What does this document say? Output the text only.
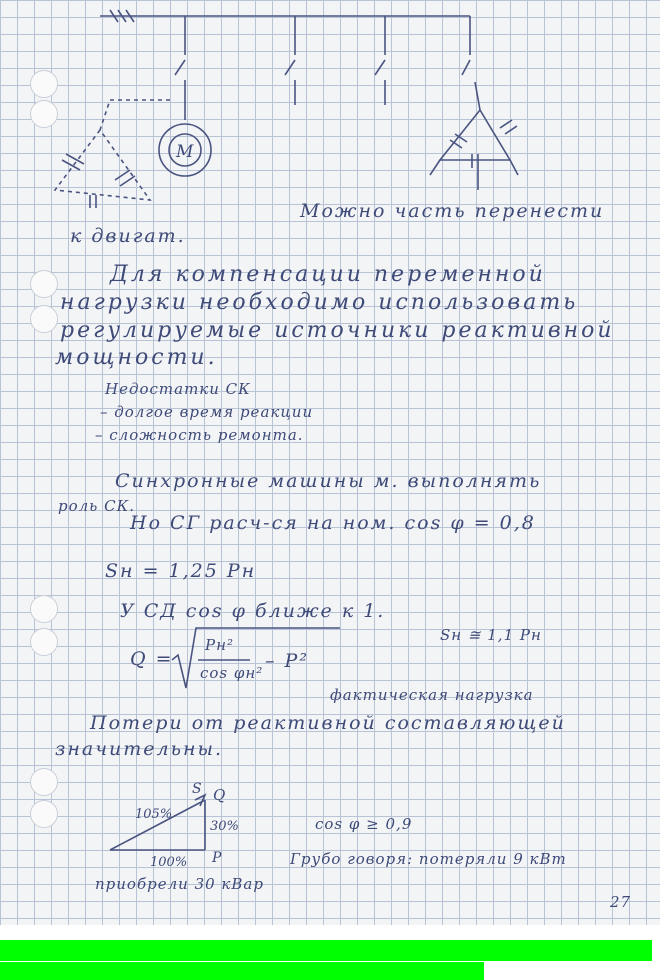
M
Можно часть перенести
к двигат.
Для компенсации переменной
нагрузки необходимо использовать
регулируемые источники реактивной
мощности.
Недостатки СК
– долгое время реакции
– сложность ремонта.
Синхронные машины м. выполнять
роль СК.
Но СГ расч-ся на ном. cos φ = 0,8
Sн = 1,25 Pн
У СД cos φ ближе к 1.
Sн ≅ 1,1 Pн
Q =
Pн²
cos φн²
– P²
фактическая нагрузка
Потери от реактивной составляющей
значительны.
S Q
P
105%
30%
100%
cos φ ≥ 0,9
Грубо говоря: потеряли 9 кВт
приобрели 30 кВар
27
